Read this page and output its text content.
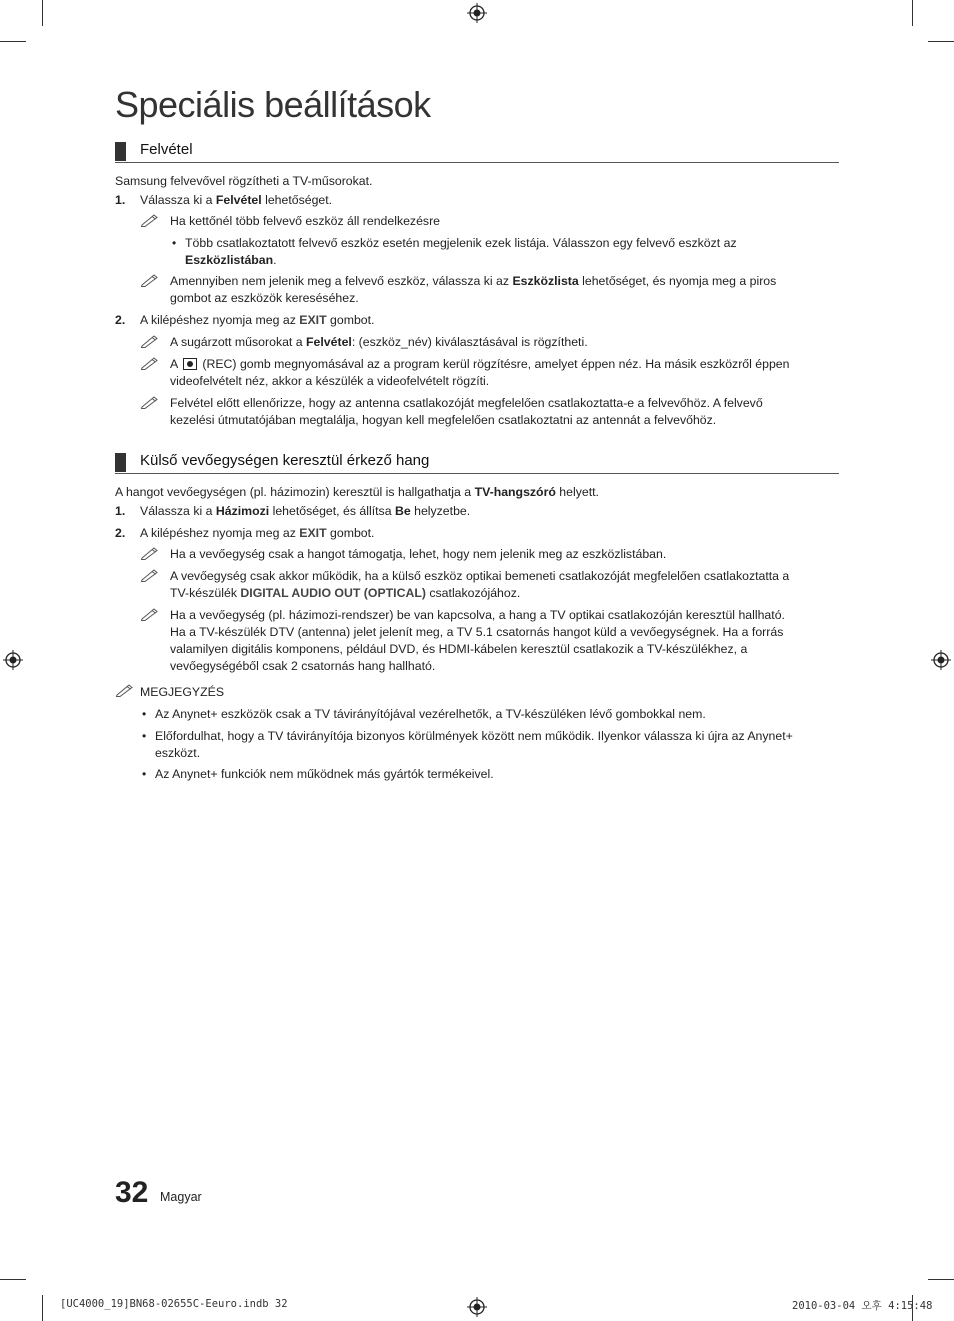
Speciális beállítások
Felvétel
Samsung felvevővel rögzítheti a TV-műsorokat.
1. Válassza ki a Felvétel lehetőséget.
Ha kettőnél több felvevő eszköz áll rendelkezésre
• Több csatlakoztatott felvevő eszköz esetén megjelenik ezek listája. Válasszon egy felvevő eszközt az
Eszközlistában.
Amennyiben nem jelenik meg a felvevő eszköz, válassza ki az Eszközlista lehetőséget, és nyomja meg a piros
gombot az eszközök kereséséhez.
2. A kilépéshez nyomja meg az EXIT gombot.
A sugárzott műsorokat a Felvétel: (eszköz_név) kiválasztásával is rögzítheti.
A (REC) gomb megnyomásával az a program kerül rögzítésre, amelyet éppen néz. Ha másik eszközről éppen
videofelvételt néz, akkor a készülék a videofelvételt rögzíti.
Felvétel előtt ellenőrizze, hogy az antenna csatlakozóját megfelelően csatlakoztatta-e a felvevőhöz. A felvevő
kezelési útmutatójában megtalálja, hogyan kell megfelelően csatlakoztatni az antennát a felvevőhöz.
Külső vevőegységen keresztül érkező hang
A hangot vevőegységen (pl. házimozin) keresztül is hallgathatja a TV-hangszóró helyett.
1. Válassza ki a Házimozi lehetőséget, és állítsa Be helyzetbe.
2. A kilépéshez nyomja meg az EXIT gombot.
Ha a vevőegység csak a hangot támogatja, lehet, hogy nem jelenik meg az eszközlistában.
A vevőegység csak akkor működik, ha a külső eszköz optikai bemeneti csatlakozóját megfelelően csatlakoztatta a
TV-készülék DIGITAL AUDIO OUT (OPTICAL) csatlakozójához.
Ha a vevőegység (pl. házimozi-rendszer) be van kapcsolva, a hang a TV optikai csatlakozóján keresztül hallható.
Ha a TV-készülék DTV (antenna) jelet jelenít meg, a TV 5.1 csatornás hangot küld a vevőegységnek. Ha a forrás
valamilyen digitális komponens, például DVD, és HDMI-kábelen keresztül csatlakozik a TV-készülékhez, a
vevőegységéből csak 2 csatornás hang hallható.
MEGJEGYZÉS
• Az Anynet+ eszközök csak a TV távirányítójával vezérelhetők, a TV-készüléken lévő gombokkal nem.
• Előfordulhat, hogy a TV távirányítója bizonyos körülmények között nem működik. Ilyenkor válassza ki újra az Anynet+
eszközt.
• Az Anynet+ funkciók nem működnek más gyártók termékeivel.
32 Magyar
[UC4000_19]BN68-02655C-Eeuro.indb 32	2010-03-04 오후 4:15:48
